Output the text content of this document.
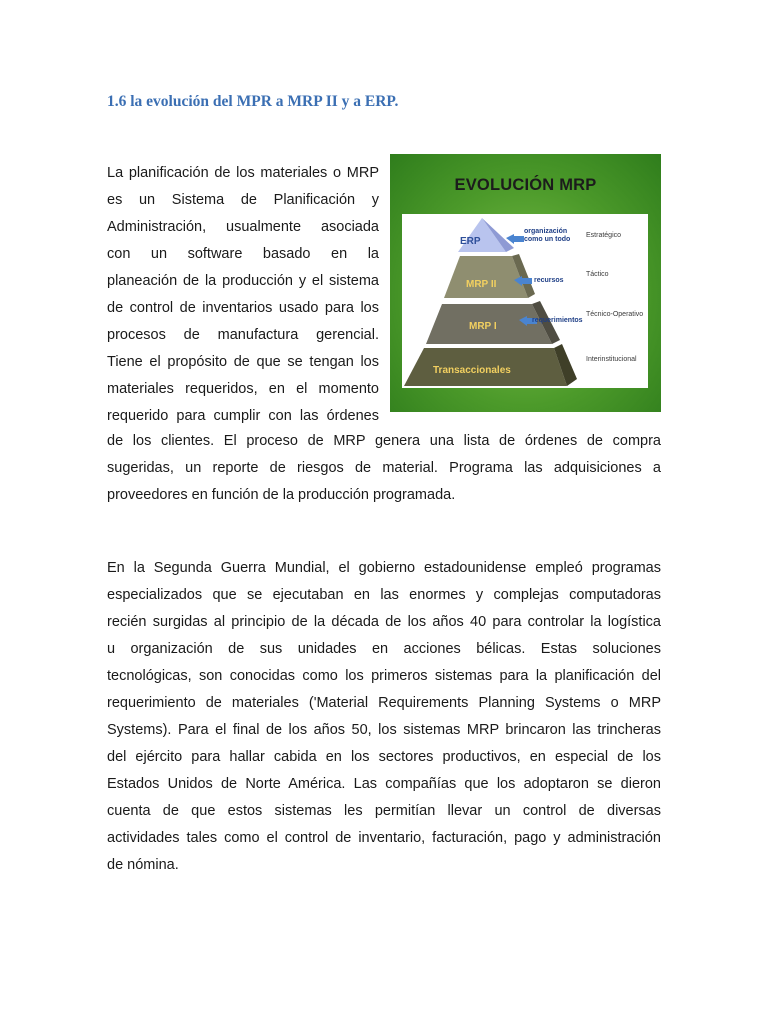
1.6 la evolución del MPR a MRP II y a ERP.

La planificación de los materiales o MRP

es un Sistema de Planificación y

Administración, usualmente asociada

con un software basado en la

planeación de la producción y el sistema

de control de inventarios usado para los

procesos de manufactura gerencial.

Tiene el propósito de que se tengan los

materiales requeridos, en el momento

requerido para cumplir con las órdenes

de los clientes. El proceso de MRP genera una lista de órdenes de compra

sugeridas, un reporte de riesgos de material. Programa las adquisiciones a

proveedores en función de la producción programada.

EVOLUCIÓN MRP
ERP
MRP II
MRP I
Transaccionales
organización
como un todo
recursos
requerimientos
Estratégico
Táctico
Técnico-Operativo
Interinstitucional

En la Segunda Guerra Mundial, el gobierno estadounidense empleó programas

especializados que se ejecutaban en las enormes y complejas computadoras

recién surgidas al principio de la década de los años 40 para controlar la logística

u organización de sus unidades en acciones bélicas. Estas soluciones

tecnológicas, son conocidas como los primeros sistemas para la planificación del

requerimiento de materiales ('Material Requirements Planning Systems o MRP

Systems). Para el final de los años 50, los sistemas MRP brincaron las trincheras

del ejército para hallar cabida en los sectores productivos, en especial de los

Estados Unidos de Norte América. Las compañías que los adoptaron se dieron

cuenta de que estos sistemas les permitían llevar un control de diversas

actividades tales como el control de inventario, facturación, pago y administración

de nómina.
